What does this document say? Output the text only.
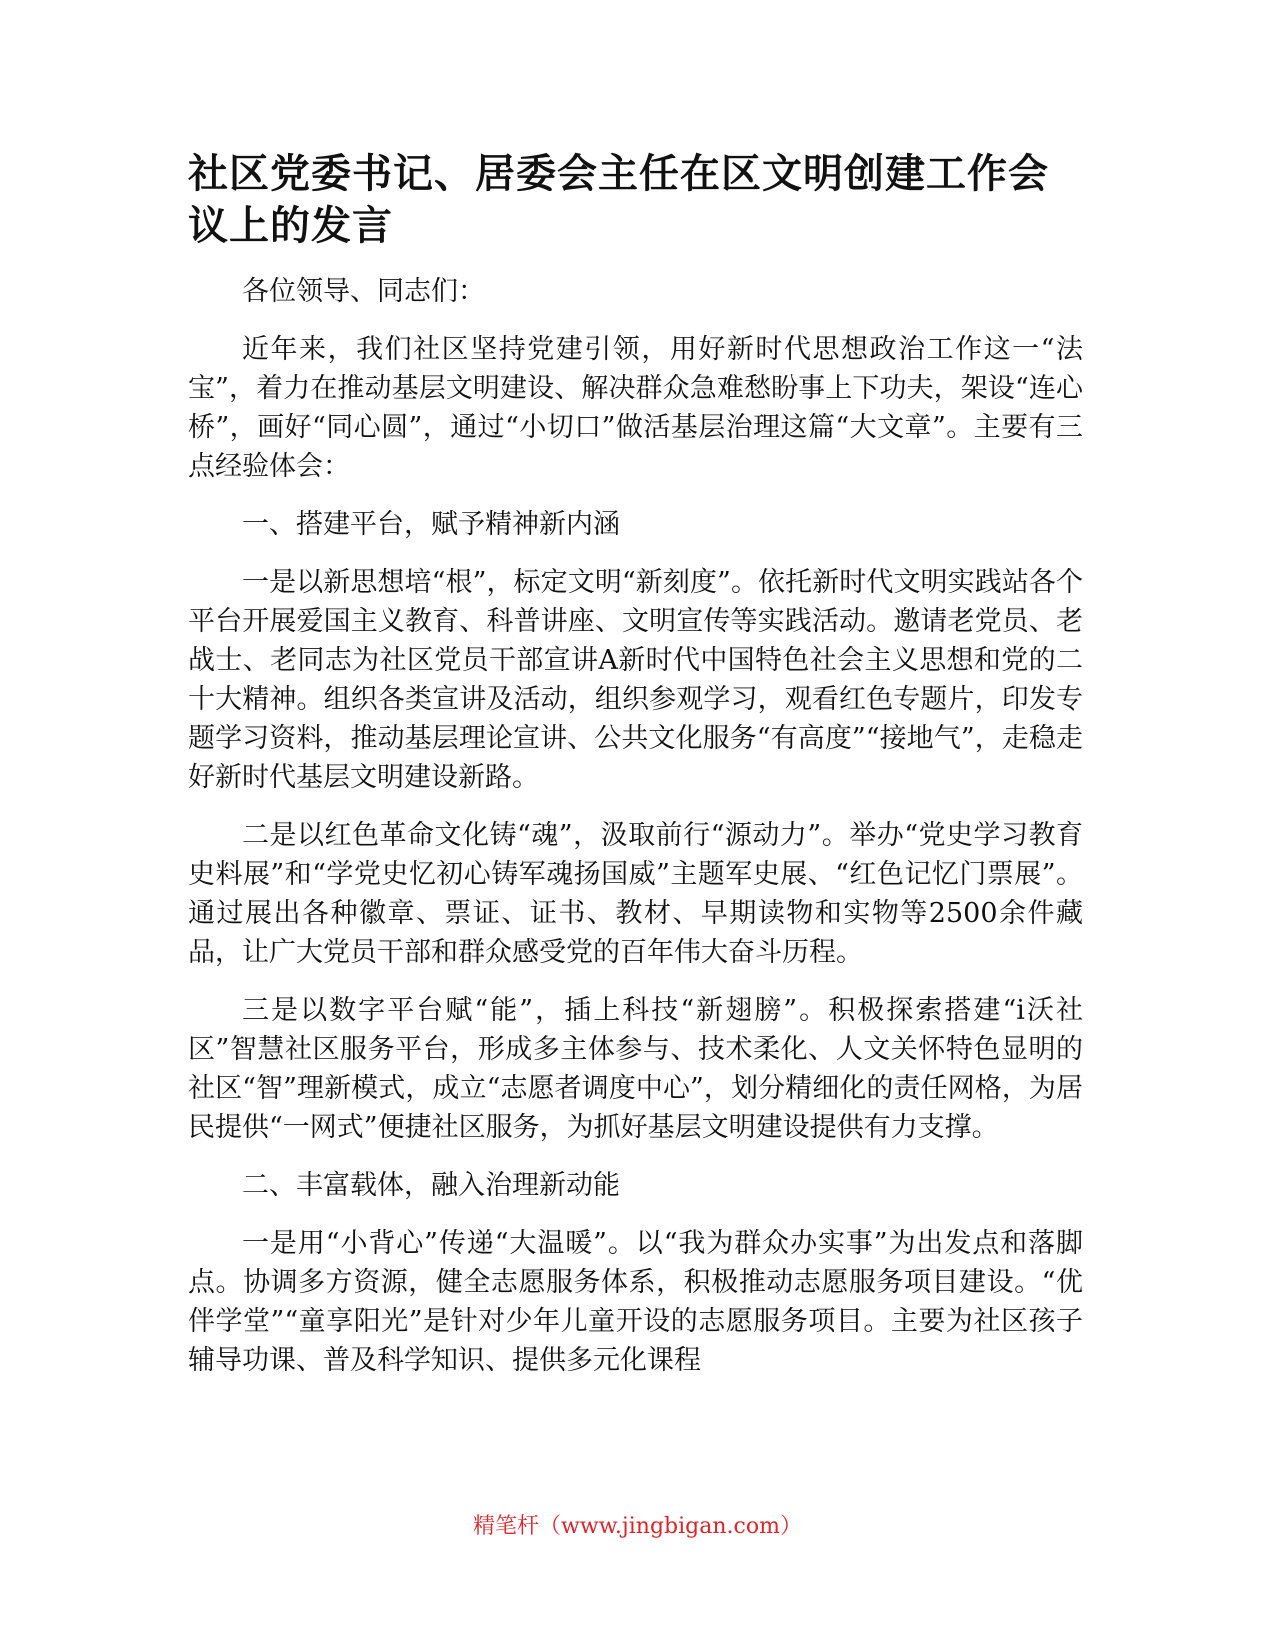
社区党委书记、居委会主任在区文明创建工作会议上的发言

各位领导、同志们：

近年来，我们社区坚持党建引领，用好新时代思想政治工作这一“法宝”，着力在推动基层文明建设、解决群众急难愁盼事上下功夫，架设“连心桥”，画好“同心圆”，通过“小切口”做活基层治理这篇“大文章”。主要有三点经验体会：

一、搭建平台，赋予精神新内涵

一是以新思想培“根”，标定文明“新刻度”。依托新时代文明实践站各个平台开展爱国主义教育、科普讲座、文明宣传等实践活动。邀请老党员、老战士、老同志为社区党员干部宣讲A新时代中国特色社会主义思想和党的二十大精神。组织各类宣讲及活动，组织参观学习，观看红色专题片，印发专题学习资料，推动基层理论宣讲、公共文化服务“有高度”“接地气”，走稳走好新时代基层文明建设新路。

二是以红色革命文化铸“魂”，汲取前行“源动力”。举办“党史学习教育史料展”和“学党史忆初心铸军魂扬国威”主题军史展、“红色记忆门票展”。通过展出各种徽章、票证、证书、教材、早期读物和实物等2500余件藏品，让广大党员干部和群众感受党的百年伟大奋斗历程。

三是以数字平台赋“能”，插上科技“新翅膀”。积极探索搭建“i沃社区”智慧社区服务平台，形成多主体参与、技术柔化、人文关怀特色显明的社区“智”理新模式，成立“志愿者调度中心”，划分精细化的责任网格，为居民提供“一网式”便捷社区服务，为抓好基层文明建设提供有力支撑。

二、丰富载体，融入治理新动能

一是用“小背心”传递“大温暖”。以“我为群众办实事”为出发点和落脚点。协调多方资源，健全志愿服务体系，积极推动志愿服务项目建设。“优伴学堂”“童享阳光”是针对少年儿童开设的志愿服务项目。主要为社区孩子辅导功课、普及科学知识、提供多元化课程

精笔杆（www.jingbigan.com）
